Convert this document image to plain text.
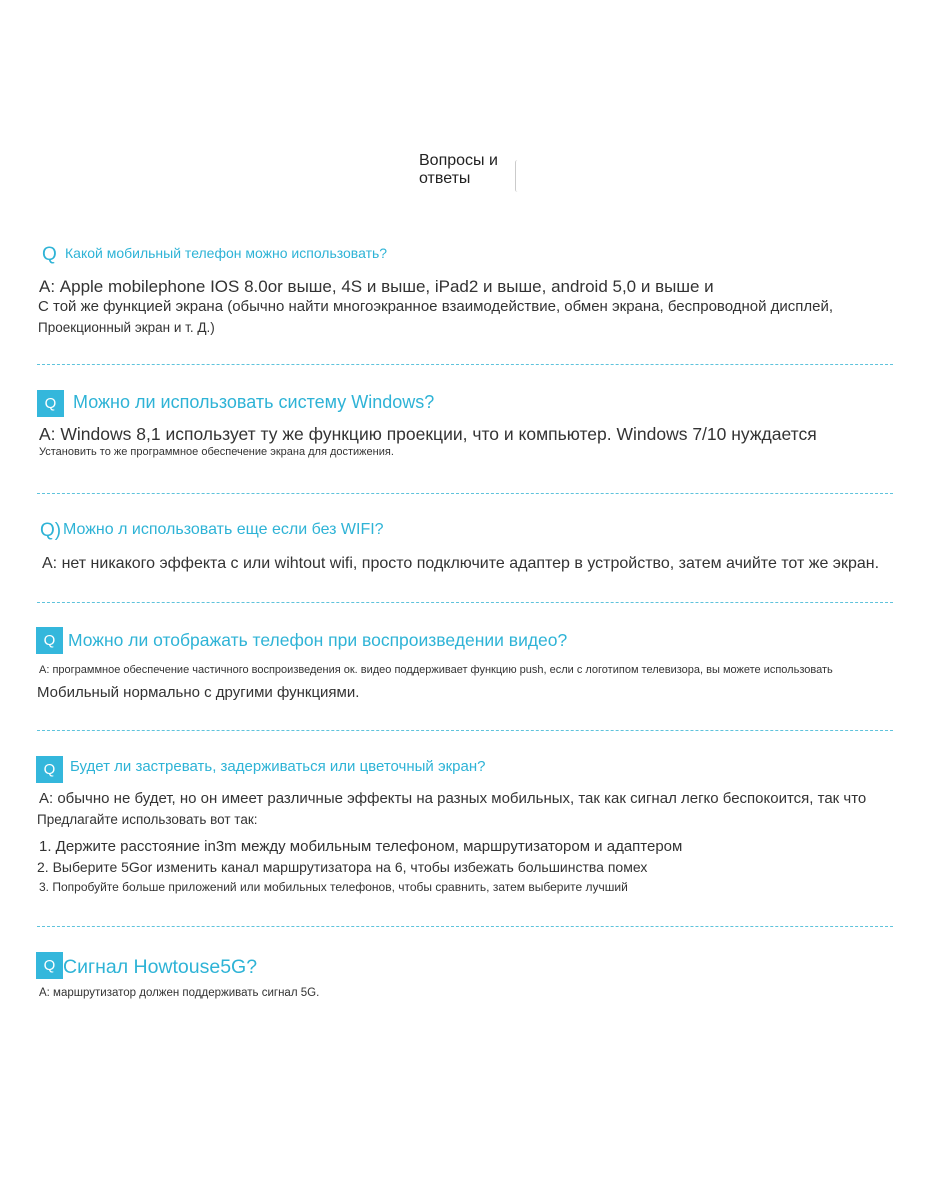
Вопросы и ответы
Q Какой мобильный телефон можно использовать?
А: Apple mobilephone IOS 8.0or выше, 4S и выше, iPad2 и выше, android 5,0 и выше и
С той же функцией экрана (обычно найти многоэкранное взаимодействие, обмен экрана, беспроводной дисплей,
Проекционный экран и т. Д.)
Q Можно ли использовать систему Windows?
А: Windows 8,1 использует ту же функцию проекции, что и компьютер. Windows 7/10 нуждается
Установить то же программное обеспечение экрана для достижения.
Q) Можно л использовать еще если без WIFI?
А: нет никакого эффекта с или wihtout wifi, просто подключите адаптер в устройство, затем ачийте тот же экран.
Q Можно ли отображать телефон при воспроизведении видео?
А: программное обеспечение частичного воспроизведения ок. видео поддерживает функцию push, если с логотипом телевизора, вы можете использовать
Мобильный нормально с другими функциями.
Q Будет ли застревать, задерживаться или цветочный экран?
А: обычно не будет, но он имеет различные эффекты на разных мобильных, так как сигнал легко беспокоится, так что
Предлагайте использовать вот так:
1. Держите расстояние in3m между мобильным телефоном, маршрутизатором и адаптером
2. Выберите 5Gor изменить канал маршрутизатора на 6, чтобы избежать большинства помех
3. Попробуйте больше приложений или мобильных телефонов, чтобы сравнить, затем выберите лучший
Q Сигнал Howtouse5G?
А: маршрутизатор должен поддерживать сигнал 5G.
